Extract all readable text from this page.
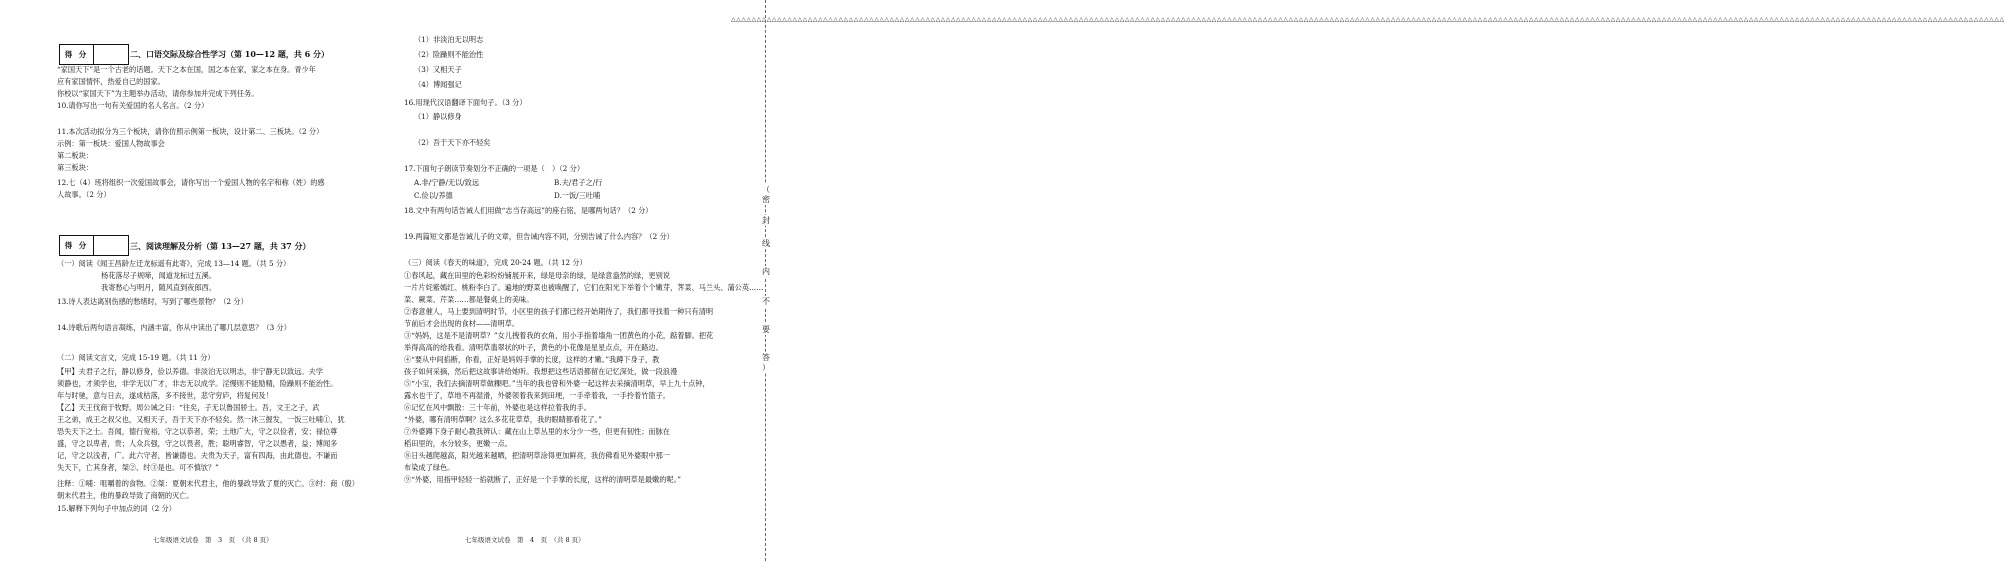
得 分	二、口语交际及综合性学习（第 10—12 题，共 6 分）
“家国天下”是一个古老的话题。天下之本在国，国之本在家，家之本在身。青少年
应有家国情怀，热爱自己的国家。
你校以“家国天下”为主题举办活动，请你参加并完成下列任务。
10.请你写出一句有关爱国的名人名言。（2 分）
11.本次活动拟分为三个板块，请你仿照示例第一板块，设计第二、三板块。（2 分）
示例：第一板块：爱国人物故事会
第二板块：
第三板块：
12.七（4）班将组织一次爱国故事会，请你写出一个爱国人物的名字和称（姓）的感
人故事。（2 分）
得 分	三、阅读理解及分析（第 13—27 题，共 37 分）
（一）阅读《闻王昌龄左迁龙标遥有此寄》，完成 13—14 题。（共 5 分）
杨花落尽子规啼，闻道龙标过五溪。
我寄愁心与明月，随风直到夜郎西。
13.诗人表达离别伤感的愁绪时，写到了哪些景物？（2 分）
14.诗歌后两句语言凝练，内涵丰富，你从中读出了哪几层意思？（3 分）
（二）阅读文言文，完成 15-19 题。（共 11 分）
【甲】夫君子之行，静以修身，俭以养德。非淡泊无以明志，非宁静无以致远。夫学
须静也，才须学也，非学无以广才，非志无以成学。淫慢则不能励精，险躁则不能治性。
年与时驰，意与日去，遂成枯落，多不接世，悲守穷庐，将复何及！
【乙】天王伐商于牧野。周公诫之曰：“往矣，子无以鲁国骄士。吾，文王之子，武
王之弟，成王之叔父也，又相天子，吾于天下亦不轻矣。然一沐三握发，一饭三吐哺①，犹
恐失天下之士。吾闻，德行宽裕，守之以恭者，荣；土地广大，守之以俭者，安；禄位尊
盛，守之以卑者，贵；人众兵强，守之以畏者，胜；聪明睿智，守之以愚者，益；博闻多
记，守之以浅者，广。此六守者，皆谦德也。夫贵为天子，富有四海，由此德也。不谦而
失天下，亡其身者，桀②、纣③是也。可不慎欤？”
注释：①哺：咀嚼着的食物。②桀：夏朝末代君主，他的暴政导致了夏的灭亡。③纣：商（殷）
朝末代君主，他的暴政导致了商朝的灭亡。
15.解释下列句子中加点的词（2 分）
七年级语文试卷　第　3　页　（共 8 页）
（1）非淡泊无以明志
（2）险躁则不能治性
（3）又相天子
（4）博闻强记
16.用现代汉语翻译下面句子。（3 分）
（1）静以修身
（2）吾于天下亦不轻矣
17.下面句子朗读节奏划分不正确的一项是（　）（2 分）
A.非/宁静/无以/致远	B.夫/君子之/行
C.俭以/养德	D.一饭/三吐哺
18.文中有两句话告诫人们用做“志当存高远”的座右铭，是哪两句话？（2 分）
19.两篇短文都是告诫儿子的文章，但告诫内容不同，分别告诫了什么内容？（2 分）
（三）阅读《春天的味道》，完成 20-24 题。（共 12 分）
①春风起，藏在田里的色彩纷纷铺展开来，绿是母亲的绿，是绿意盎然的绿，更别说
一片片姹紫嫣红、桃粉李白了。遍地的野菜也被唤醒了，它们在阳光下举着个个嫩芽，荠菜、马兰头、蒲公英……
菜、蕨菜、芹菜……都是餐桌上的美味。
②春意催人，马上要到清明时节，小区里的孩子们都已经开始期待了，我们都寻找着一种只有清明
节前后才会出现的食材——清明草。
③“妈妈，这是不是清明草？”女儿拽着我的衣角，用小手指着墙角一团黄色的小花，踮着脚。把花
举得高高的给我看。清明草翡翠状的叶子，黄色的小花像是星星点点，开在路边。
④“要从中间掐断，你看，正好是妈妈手掌的长度，这样的才嫩。”我蹲下身子，教
孩子如何采摘，然后把这故事讲给她听。我想把这些话语都留在记忆深处，做一段浪漫
⑤“小宝，我们去摘清明草做粿吧。”当年的我也曾和外婆一起这样去采摘清明草，早上九十点钟，
露水也干了，草地不再湿滑，外婆领着我来到田埂，一手牵着我，一手拎着竹篮子。
⑥记忆在风中飘散：三十年前，外婆也是这样拉着我的手。
“外婆，哪有清明草啊？这么多花花草草，我的眼睛都看花了。”
⑦外婆蹲下身子耐心教我辨认：藏在山上草丛里的水分少一些，但更有韧性；而脉在
稻田里的，水分较多，更嫩一点。
⑧日头越爬越高，阳光越来越晒，把清明草涂得更加鲜亮，我仿佛看见外婆眼中那一
布染成了绿色。
⑨“外婆，用指甲轻轻一掐就断了，正好是一个手掌的长度，这样的清明草是最嫩的呢。”
七年级语文试卷　第　4　页　（共 8 页）
△△△△△△△△△△△△△△△△△△△△△△△△△△△△△△△△△△△△△△△△△△△△△△△△△△△△△△△△△△△△△△△△△△△△△△△△△△△△△△△△△△△△△△△△△△△△△△△△△△△△△△△△△△△△△△△△△△△△△△△△△△△△△△△△△△△△△△△△△△△△△△△△△△△△△△△△△△△△△△△△△△△△△△△△△△△△△△△△△△△△△△△△△△△△△△△△△△△△△△△△△△△△△△△△△△△△△△△△△△△△△△△△△△△△△△△△△△△△△△△△△△△△△△△△△
（
密
封
线
内
不
要
答
）
